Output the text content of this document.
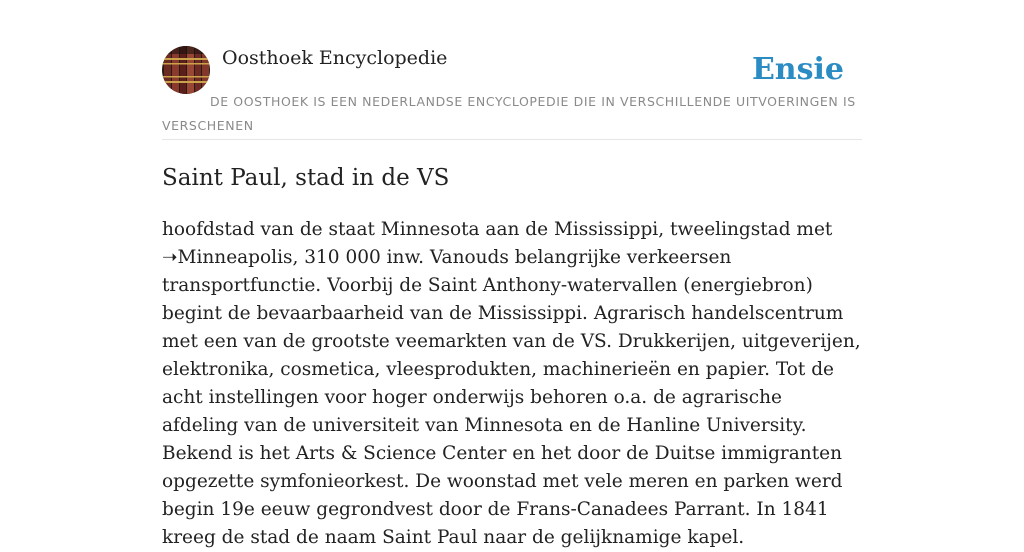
Oosthoek Encyclopedie	Ensie

DE OOSTHOEK IS EEN NEDERLANDSE ENCYCLOPEDIE DIE IN VERSCHILLENDE UITVOERINGEN IS VERSCHENEN

Saint Paul, stad in de VS

hoofdstad van de staat Minnesota aan de Mississippi, tweelingstad met ➝Minneapolis, 310 000 inw. Vanouds belangrijke verkeersen transportfunctie. Voorbij de Saint Anthony-watervallen (energiebron) begint de bevaarbaarheid van de Mississippi. Agrarisch handelscentrum met een van de grootste veemarkten van de VS. Drukkerijen, uitgeverijen, elektronika, cosmetica, vleesprodukten, machinerieën en papier. Tot de acht instellingen voor hoger onderwijs behoren o.a. de agrarische afdeling van de universiteit van Minnesota en de Hanline University. Bekend is het Arts & Science Center en het door de Duitse immigranten opgezette symfonieorkest. De woonstad met vele meren en parken werd begin 19e eeuw gegrondvest door de Frans-Canadees Parrant. In 1841 kreeg de stad de naam Saint Paul naar de gelijknamige kapel.
